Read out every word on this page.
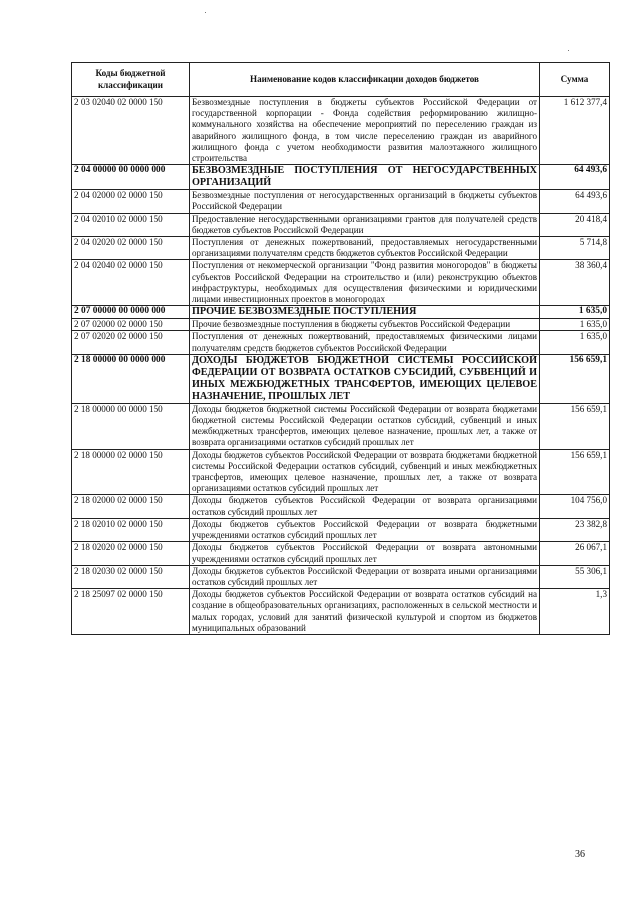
Коды бюджетной классификации	Наименование кодов классификации доходов бюджетов	Сумма
2 03 02040 02 0000 150	Безвозмездные поступления в бюджеты субъектов Российской Федерации от государственной корпорации - Фонда содействия реформированию жилищно-коммунального хозяйства на обеспечение мероприятий по переселению граждан из аварийного жилищного фонда, в том числе переселению граждан из аварийного жилищного фонда с учетом необходимости развития малоэтажного жилищного строительства	1 612 377,4
2 04 00000 00 0000 000	БЕЗВОЗМЕЗДНЫЕ ПОСТУПЛЕНИЯ ОТ НЕГОСУДАРСТВЕННЫХ ОРГАНИЗАЦИЙ	64 493,6
2 04 02000 02 0000 150	Безвозмездные поступления от негосударственных организаций в бюджеты субъектов Российской Федерации	64 493,6
2 04 02010 02 0000 150	Предоставление негосударственными организациями грантов для получателей средств бюджетов субъектов Российской Федерации	20 418,4
2 04 02020 02 0000 150	Поступления от денежных пожертвований, предоставляемых негосударственными организациями получателям средств бюджетов субъектов Российской Федерации	5 714,8
2 04 02040 02 0000 150	Поступления от некомерческой организации "Фонд развития моногородов" в бюджеты субъектов Российской Федерации на строительство и (или) реконструкцию объектов инфраструктуры, необходимых для осуществления физическими и юридическими лицами инвестиционных проектов в моногородах	38 360,4
2 07 00000 00 0000 000	ПРОЧИЕ БЕЗВОЗМЕЗДНЫЕ ПОСТУПЛЕНИЯ	1 635,0
2 07 02000 02 0000 150	Прочие безвозмездные поступления в бюджеты субъектов Российской Федерации	1 635,0
2 07 02020 02 0000 150	Поступления от денежных пожертвований, предоставляемых физическими лицами получателям средств бюджетов субъектов Российской Федерации	1 635,0
2 18 00000 00 0000 000	ДОХОДЫ БЮДЖЕТОВ БЮДЖЕТНОЙ СИСТЕМЫ РОССИЙСКОЙ ФЕДЕРАЦИИ ОТ ВОЗВРАТА ОСТАТКОВ СУБСИДИЙ, СУБВЕНЦИЙ И ИНЫХ МЕЖБЮДЖЕТНЫХ ТРАНСФЕРТОВ, ИМЕЮЩИХ ЦЕЛЕВОЕ НАЗНАЧЕНИЕ, ПРОШЛЫХ ЛЕТ	156 659,1
2 18 00000 00 0000 150	Доходы бюджетов бюджетной системы Российской Федерации от возврата бюджетами бюджетной системы Российской Федерации остатков субсидий, субвенций и иных межбюджетных трансфертов, имеющих целевое назначение, прошлых лет, а также от возврата организациями остатков субсидий прошлых лет	156 659,1
2 18 00000 02 0000 150	Доходы бюджетов субъектов Российской Федерации от возврата бюджетами бюджетной системы Российской Федерации остатков субсидий, субвенций и иных межбюджетных трансфертов, имеющих целевое назначение, прошлых лет, а также от возврата организациями остатков субсидий прошлых лет	156 659,1
2 18 02000 02 0000 150	Доходы бюджетов субъектов Российской Федерации от возврата организациями остатков субсидий прошлых лет	104 756,0
2 18 02010 02 0000 150	Доходы бюджетов субъектов Российской Федерации от возврата бюджетными учреждениями остатков субсидий прошлых лет	23 382,8
2 18 02020 02 0000 150	Доходы бюджетов субъектов Российской Федерации от возврата автономными учреждениями остатков субсидий прошлых лет	26 067,1
2 18 02030 02 0000 150	Доходы бюджетов субъектов Российской Федерации от возврата иными организациями остатков субсидий прошлых лет	55 306,1
2 18 25097 02 0000 150	Доходы бюджетов субъектов Российской Федерации от возврата остатков субсидий на создание в общеобразовательных организациях, расположенных в сельской местности и малых городах, условий для занятий физической культурой и спортом из бюджетов муниципальных образований	1,3
36
